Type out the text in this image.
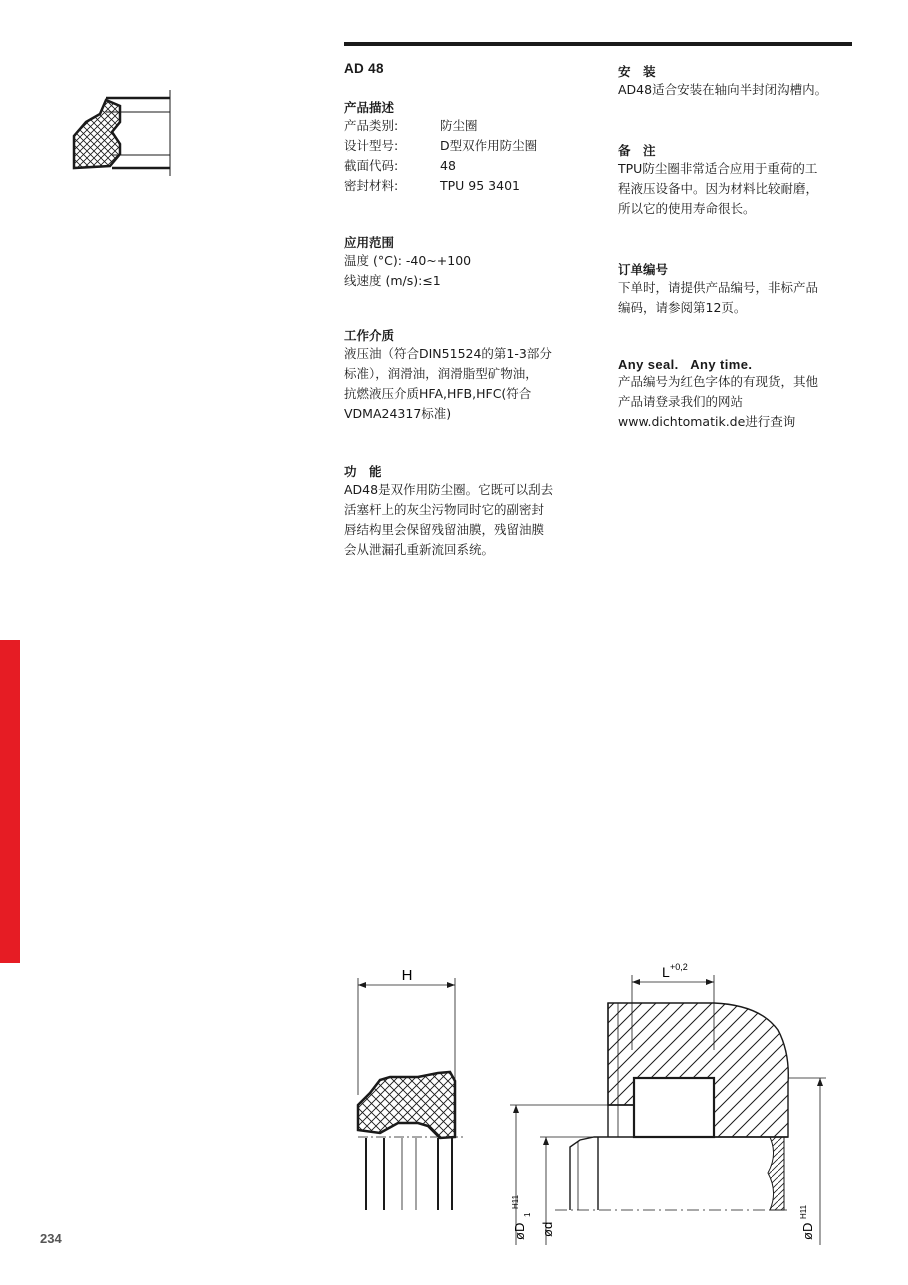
AD 48
产品描述
产品类别:	防尘圈
设计型号:	D型双作用防尘圈
截面代码:	48
密封材料:	TPU 95 3401
应用范围
温度 (°C): -40~+100
线速度 (m/s):≤1
工作介质
液压油（符合DIN51524的第1-3部分
标准），润滑油，润滑脂型矿物油，
抗燃液压介质HFA,HFB,HFC(符合
VDMA24317标准)
功　能
AD48是双作用防尘圈。它既可以刮去
活塞杆上的灰尘污物同时它的副密封
唇结构里会保留残留油膜，残留油膜
会从泄漏孔重新流回系统。
安　装
AD48适合安装在轴向半封闭沟槽内。
备　注
TPU防尘圈非常适合应用于重荷的工
程液压设备中。因为材料比较耐磨，
所以它的使用寿命很长。
订单编号
下单时，请提供产品编号，非标产品
编码，请参阅第12页。
Any seal.   Any time.
产品编号为红色字体的有现货，其他
产品请登录我们的网站
www.dichtomatik.de进行查询
H	L +0,2
øD
1
H11
ød	øD
H11
234
